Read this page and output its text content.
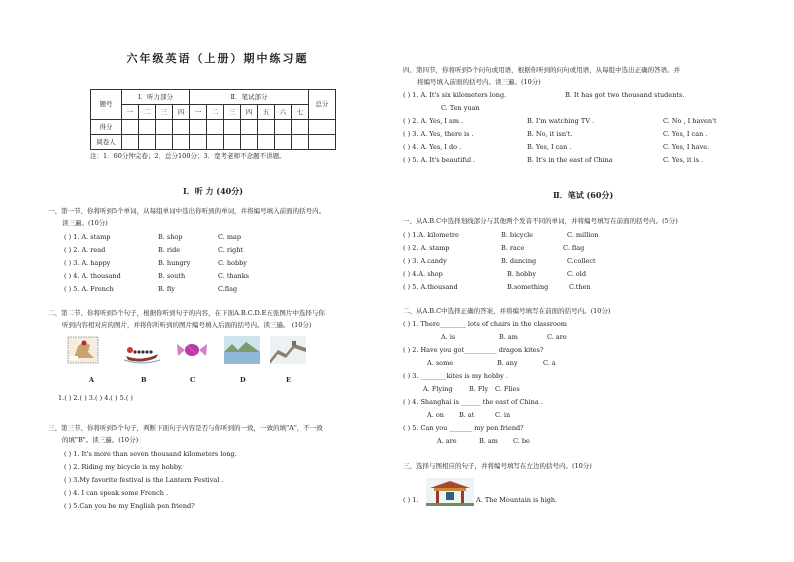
六年级英语（上册）期中练习题
题号	Ⅰ．听力部分				Ⅱ．笔试部分							总分
	一	二	三	四	一	二	三	四	五	六	七	
得分												
阅卷人												
注：1．60分钟完卷；2．总分100分；3．宽考老师不念题不讲题。
Ⅰ．听 力 (40分)
一、第一节、你将听到5个单词，从每组单词中选出你听到的单词，并将编号填入前面的括号内。
读三遍。(10分)
( ) 1. A. stamp	B. shop	C. map
( ) 2. A. read	B. ride	C. right
( ) 3. A. happy	B. hungry	C. hobby
( ) 4. A. thousand	B. south	C. thanks
( ) 5. A. French	B. fly	C.flag
二、第二节、你将听到5个句子，根据你听到句子的内容，在下面A.B.C.D.E五张图片中选择与你
听到内容相对应的图片，并将你所听到的图片编号填入后面的括号内。读三遍。 (10分)
A	B	C	D	E
1.( ) 2.( ) 3.( ) 4.( ) 5.( )
三、第三节、你将听到5个句子，判断下面句子内容是否与你听到的一致，一致的填"A"，不一致
的填"B"。读三遍。(10分)
( ) 1. It's more than seven thousand kilometers long.
( ) 2. Riding my bicycle is my hobby.
( ) 3.My favorite festival is the Lantern Festival .
( ) 4. I can speak some French .
( ) 5.Can you be my English pen friend?
四、第四节，你将听到5个问句或用语，根据你听到的问句或用语，从每组中选出正确的答语。并
将编号填入前面的括号内。读三遍。(10分)
( ) 1. A. It's six kilometers long.	B. It has got two thousand students.
C. Ten yuan
( ) 2. A. Yes, I am .	B. I'm watching TV .	C. No , I haven't
( ) 3. A. Yes, there is .	B. No, it isn't.	C. Yes, I can .
( ) 4. A. Yes, I do .	B. Yes, I can .	C. Yes, I have.
( ) 5. A. It's beautiful .	B. It's in the east of China	C. Yes, it is .
Ⅱ．笔试 (60分)
一、从A.B.C中选择划线部分与其他两个发音不同的单词，并将编号填写在前面的括号内。(5分)
( ) 1.A. kilometre	B. bicycle	C. million
( ) 2. A. stamp	B. race	C. flag
( ) 3. A.candy	B. dancing	C.collect
( ) 4.A. shop	B. hobby	C. old
( ) 5. A.thousand	B.something	C.then
二、从A.B.C中选择正确的答案，并将编号填写在前面的括号内。(10分)
( ) 1. There________ lots of chairs in the classroom
A. is	B. am	C. are
( ) 2. Have you got__________ dragon kites?
A. some	B. any	C. a
( ) 3. ________kites is my hobby .
A. Flying	B. Fly C. Flies
( ) 4. Shanghai is ______ the east of China .
A. on B. at	C. in
( ) 5. Can you _______ my pen friend?
A. are	B. am C. be
三、选择与图相应的句子，并将编号填写在左边的括号内。(10分)
( ) 1.	A. The Mountain is high.
